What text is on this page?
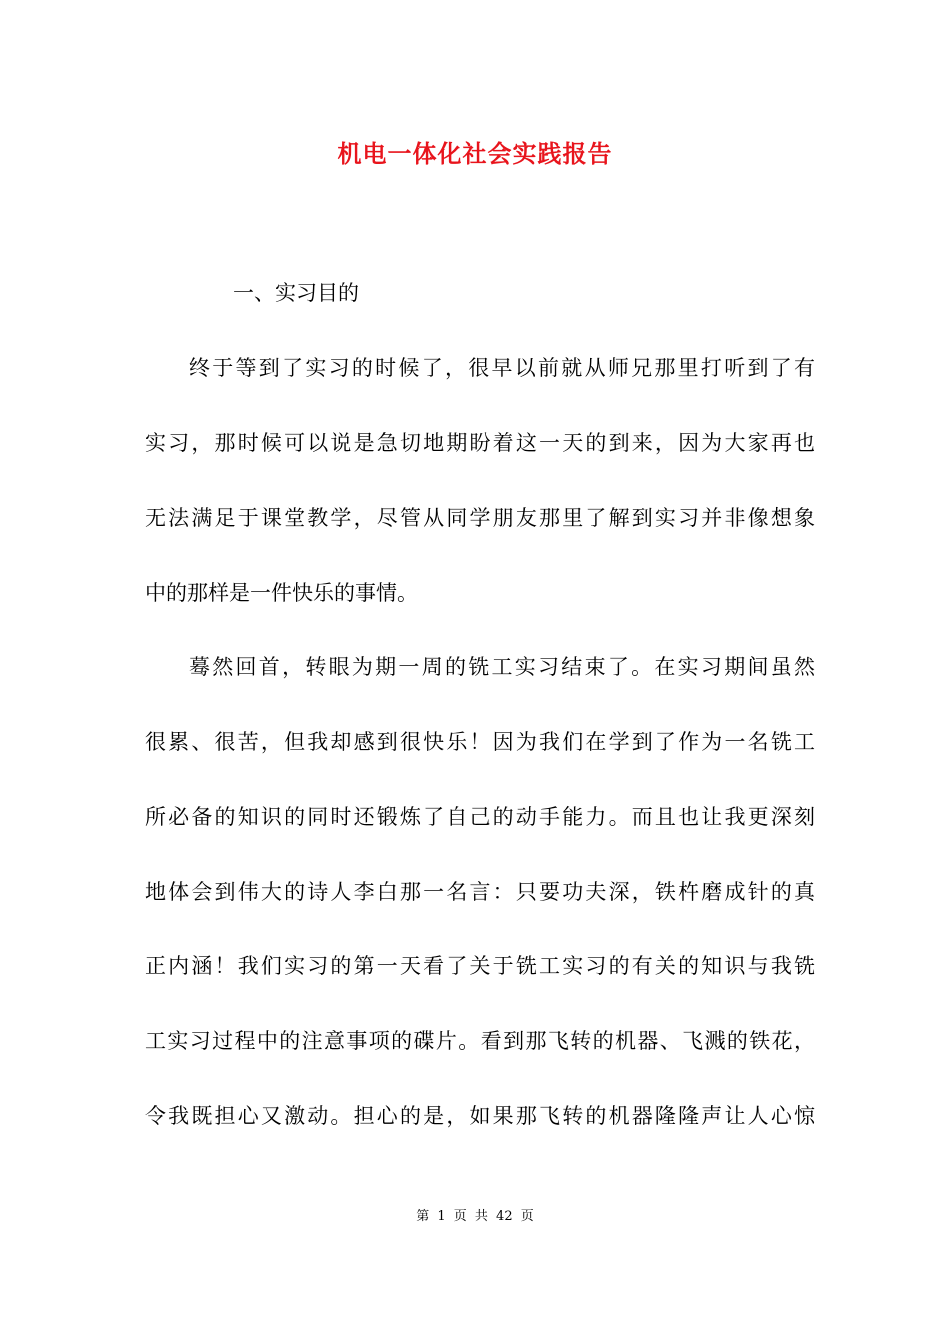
机电一体化社会实践报告
一、实习目的
终于等到了实习的时候了，很早以前就从师兄那里打听到了有
实习，那时候可以说是急切地期盼着这一天的到来，因为大家再也
无法满足于课堂教学，尽管从同学朋友那里了解到实习并非像想象
中的那样是一件快乐的事情。
蓦然回首，转眼为期一周的铣工实习结束了。在实习期间虽然
很累、很苦，但我却感到很快乐！因为我们在学到了作为一名铣工
所必备的知识的同时还锻炼了自己的动手能力。而且也让我更深刻
地体会到伟大的诗人李白那一名言：只要功夫深，铁杵磨成针的真
正内涵！我们实习的第一天看了关于铣工实习的有关的知识与我铣
工实习过程中的注意事项的碟片。看到那飞转的机器、飞溅的铁花，
令我既担心又激动。担心的是，如果那飞转的机器隆隆声让人心惊
第 1 页 共 42 页
